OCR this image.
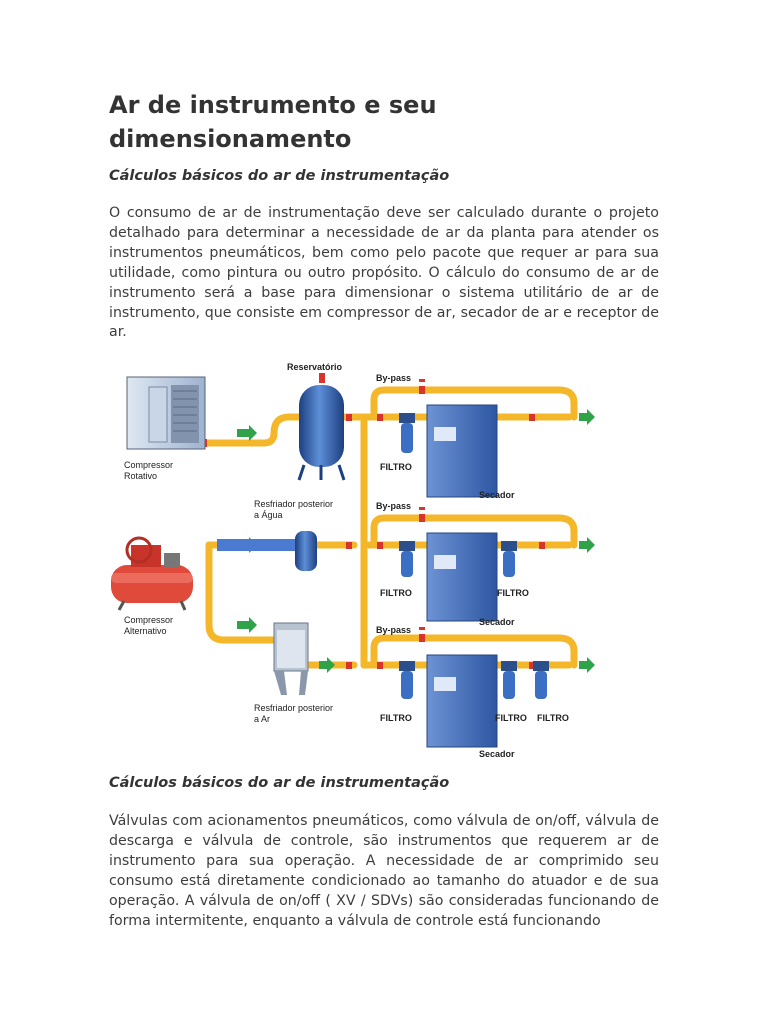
Ar de instrumento e seu dimensionamento

Cálculos básicos do ar de instrumentação

O consumo de ar de instrumentação deve ser calculado durante o projeto detalhado para determinar a necessidade de ar da planta para atender os instrumentos pneumáticos, bem como pelo pacote que requer ar para sua utilidade, como pintura ou outro propósito. O cálculo do consumo de ar de instrumento será a base para dimensionar o sistema utilitário de ar de instrumento, que consiste em compressor de ar, secador de ar e receptor de ar.

Compressor
Rotativo
Reservatório
Compressor
Alternativo
Resfriador posterior
a Água
Resfriador posterior
a Ar
By-pass
FILTRO
Secador
By-pass
FILTRO	FILTRO
Secador
By-pass
FILTRO	FILTRO FILTRO
Secador

Cálculos básicos do ar de instrumentação

Válvulas com acionamentos pneumáticos, como válvula de on/off, válvula de descarga e válvula de controle, são instrumentos que requerem ar de instrumento para sua operação. A necessidade de ar comprimido seu consumo está diretamente condicionado ao tamanho do atuador e de sua operação. A válvula de on/off ( XV / SDVs) são consideradas funcionando de forma intermitente, enquanto a válvula de controle está funcionando
